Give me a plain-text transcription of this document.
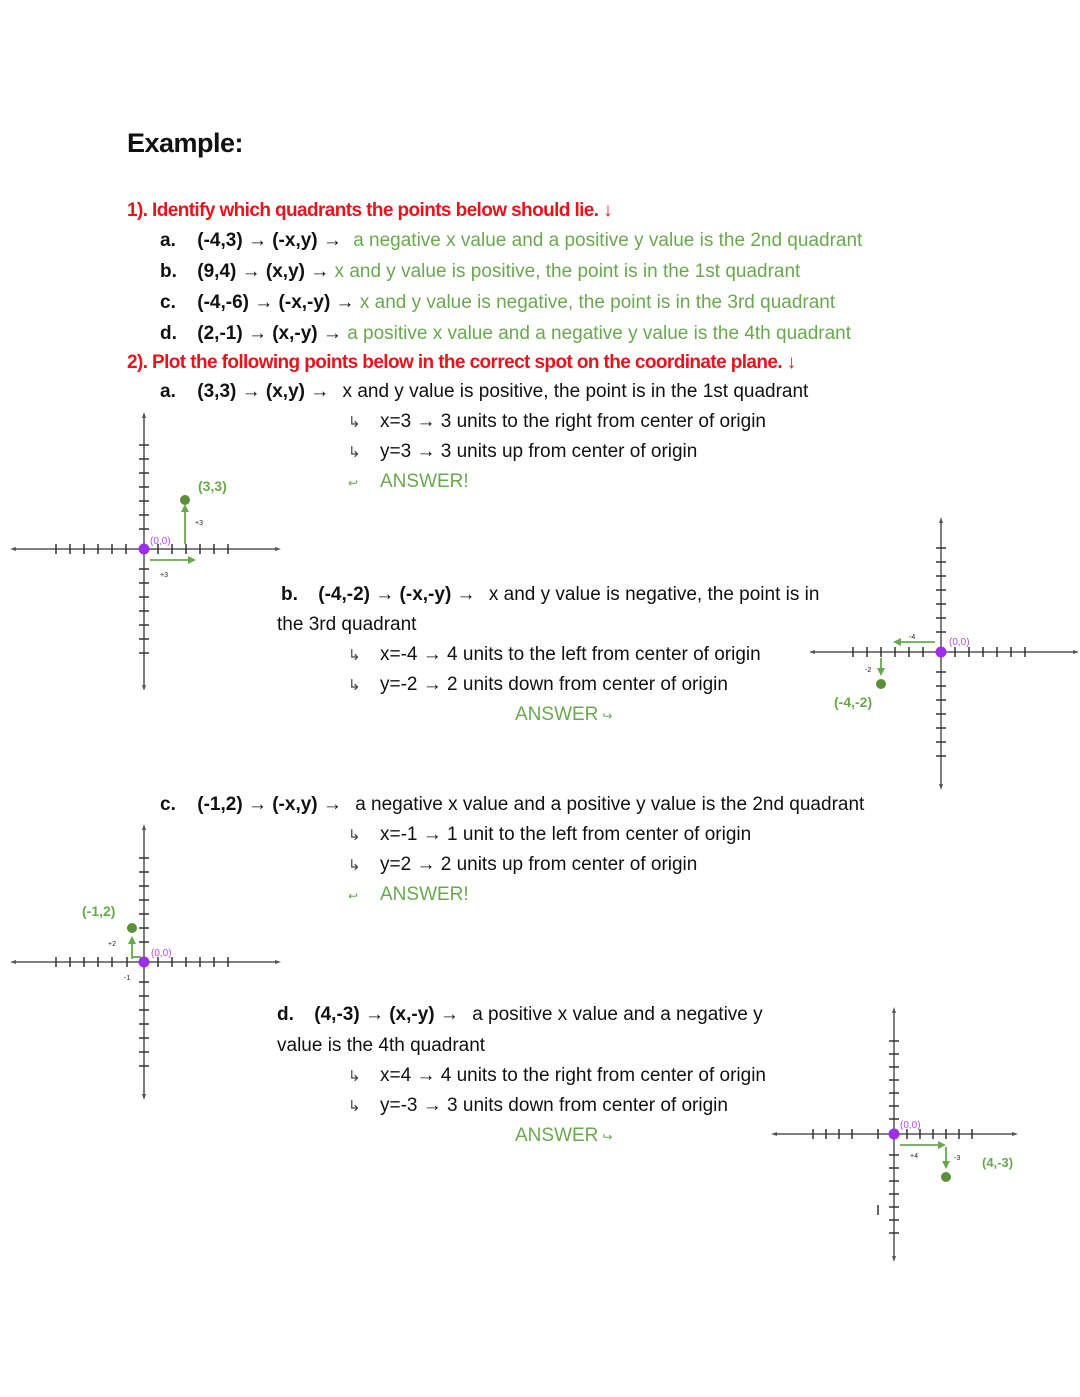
Example:
1). Identify which quadrants the points below should lie. ↓
a. (-4,3) → (-x,y) → a negative x value and a positive y value is the 2nd quadrant
b. (9,4) → (x,y) → x and y value is positive, the point is in the 1st quadrant
c. (-4,-6) → (-x,-y) → x and y value is negative, the point is in the 3rd quadrant
d. (2,-1) → (x,-y) → a positive x value and a negative y value is the 4th quadrant
2). Plot the following points below in the correct spot on the coordinate plane. ↓
a. (3,3) → (x,y) → x and y value is positive, the point is in the 1st quadrant
↳ x=3 → 3 units to the right from center of origin
↳ y=3 → 3 units up from center of origin
↩ ANSWER!
(0,0)
(3,3)
+3
+3
b. (-4,-2) → (-x,-y) → x and y value is negative, the point is in
the 3rd quadrant
↳ x=-4 → 4 units to the left from center of origin
↳ y=-2 → 2 units down from center of origin
ANSWER ↪
(0,0)
(-4,-2)
-4
-2
c. (-1,2) → (-x,y) → a negative x value and a positive y value is the 2nd quadrant
↳ x=-1 → 1 unit to the left from center of origin
↳ y=2 → 2 units up from center of origin
↩ ANSWER!
(0,0)
(-1,2)
+2
-1
d. (4,-3) → (x,-y) → a positive x value and a negative y
value is the 4th quadrant
↳ x=4 → 4 units to the right from center of origin
↳ y=-3 → 3 units down from center of origin
ANSWER ↪
(0,0)
(4,-3)
+4	-3
